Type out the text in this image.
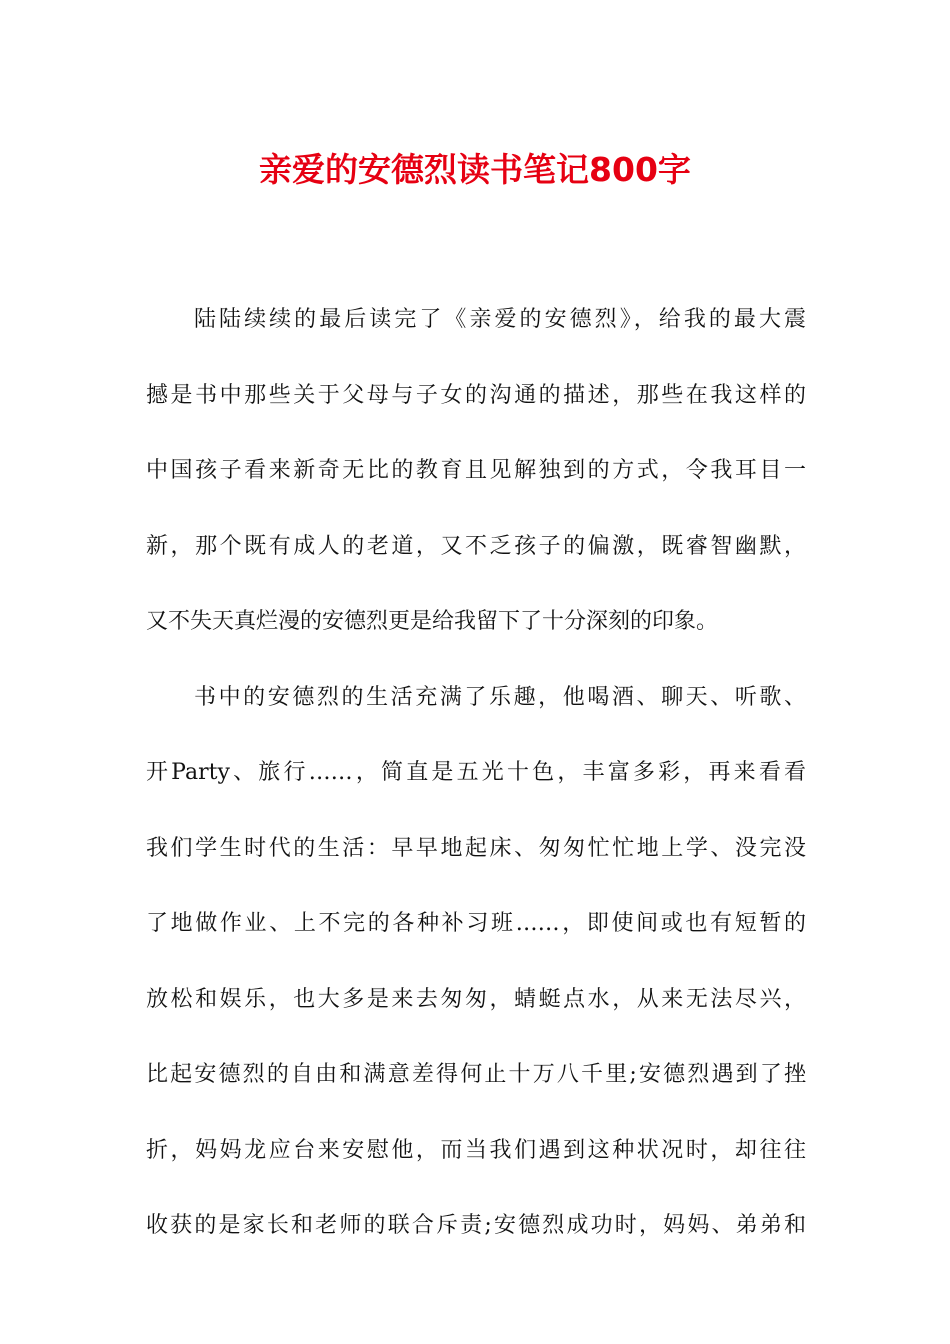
亲爱的安德烈读书笔记800字
陆陆续续的最后读完了《亲爱的安德烈》，给我的最大震
撼是书中那些关于父母与子女的沟通的描述，那些在我这样的
中国孩子看来新奇无比的教育且见解独到的方式，令我耳目一
新，那个既有成人的老道，又不乏孩子的偏激，既睿智幽默，
又不失天真烂漫的安德烈更是给我留下了十分深刻的印象。
书中的安德烈的生活充满了乐趣，他喝酒、聊天、听歌、
开Party、旅行……，简直是五光十色，丰富多彩，再来看看
我们学生时代的生活：早早地起床、匆匆忙忙地上学、没完没
了地做作业、上不完的各种补习班……，即使间或也有短暂的
放松和娱乐，也大多是来去匆匆，蜻蜓点水，从来无法尽兴，
比起安德烈的自由和满意差得何止十万八千里;安德烈遇到了挫
折，妈妈龙应台来安慰他，而当我们遇到这种状况时，却往往
收获的是家长和老师的联合斥责;安德烈成功时，妈妈、弟弟和
